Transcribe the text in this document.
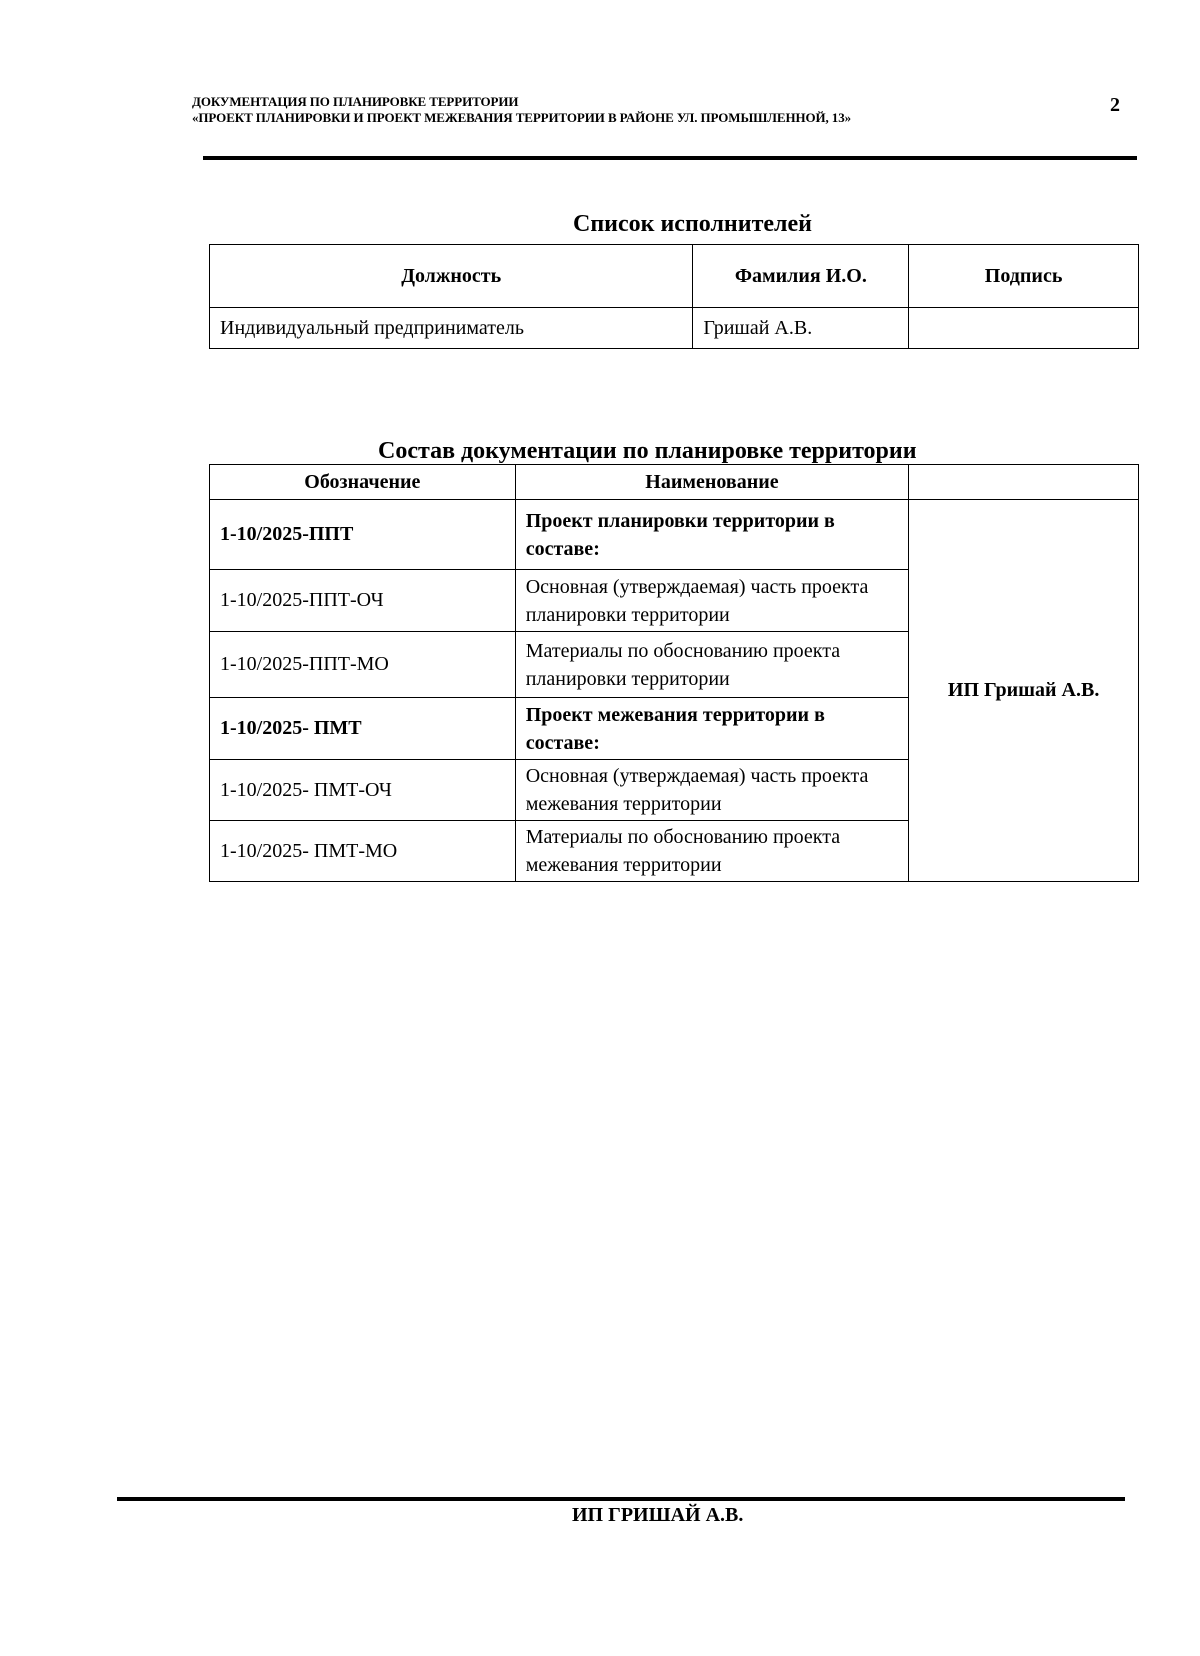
ДОКУМЕНТАЦИЯ ПО ПЛАНИРОВКЕ ТЕРРИТОРИИ
«ПРОЕКТ ПЛАНИРОВКИ И ПРОЕКТ МЕЖЕВАНИЯ ТЕРРИТОРИИ В РАЙОНЕ УЛ. ПРОМЫШЛЕННОЙ, 13»
2
Список исполнителей
Должность	Фамилия И.О.	Подпись
Индивидуальный предприниматель	Гришай А.В.	
Состав документации по планировке территории
Обозначение	Наименование	
1-10/2025-ППТ	Проект планировки территории в составе:	ИП Гришай А.В.
1-10/2025-ППТ-ОЧ	Основная (утверждаемая) часть проекта планировки территории	
1-10/2025-ППТ-МО	Материалы по обоснованию проекта планировки территории	
1-10/2025- ПМТ	Проект межевания территории в составе:	
1-10/2025- ПМТ-ОЧ	Основная (утверждаемая) часть проекта межевания территории	
1-10/2025- ПМТ-МО	Материалы по обоснованию проекта межевания территории	
ИП ГРИШАЙ А.В.
